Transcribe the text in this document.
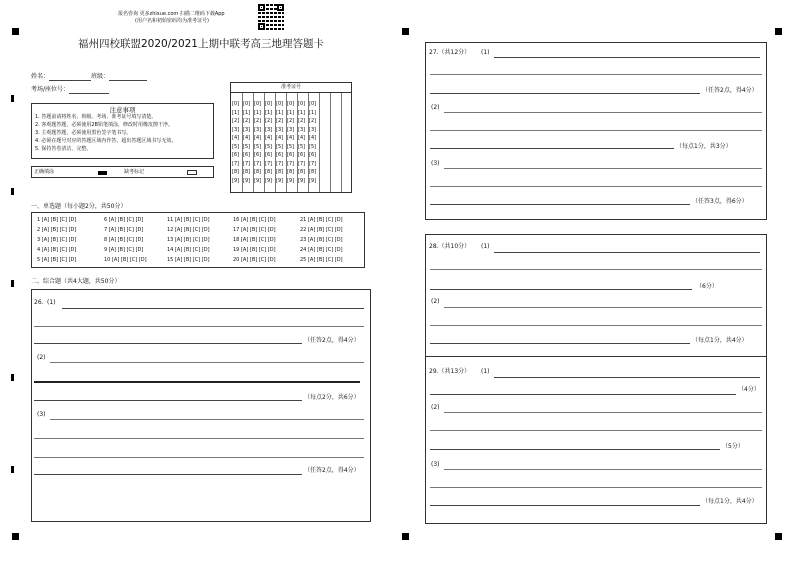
报名咨询 更多zhixue.com 扫描二维码下载App
(用户名和初始密码均为准考证号)
福州四校联盟2020/2021上期中联考高三地理答题卡
姓名：	班级：
考场/座位号：
注意事项
1. 答题前请将姓名、班级、考场、准考证号填写清楚。
2. 客观题答题，必须使用2B铅笔填涂，修改时用橡皮擦干净。
3. 主观题答题，必须使用黑色签字笔书写。
4. 必须在题号对应的答题区域内作答，超出答题区域书写无效。
5. 保持答卷清洁、完整。
正确填涂	缺考标记
准考证号
[0] [0] [0] [0] [0] [0] [0] [0]
[1] [1] [1] [1] [1] [1] [1] [1]
[2] [2] [2] [2] [2] [2] [2] [2]
[3] [3] [3] [3] [3] [3] [3] [3]
[4] [4] [4] [4] [4] [4] [4] [4]
[5] [5] [5] [5] [5] [5] [5] [5]
[6] [6] [6] [6] [6] [6] [6] [6]
[7] [7] [7] [7] [7] [7] [7] [7]
[8] [8] [8] [8] [8] [8] [8] [8]
[9] [9] [9] [9] [9] [9] [9] [9]
一、单选题（每小题2分，共50分）
1 [A] [B] [C] [D]	6 [A] [B] [C] [D]	11 [A] [B] [C] [D]	16 [A] [B] [C] [D]	21 [A] [B] [C] [D]
2 [A] [B] [C] [D]	7 [A] [B] [C] [D]	12 [A] [B] [C] [D]	17 [A] [B] [C] [D]	22 [A] [B] [C] [D]
3 [A] [B] [C] [D]	8 [A] [B] [C] [D]	13 [A] [B] [C] [D]	18 [A] [B] [C] [D]	23 [A] [B] [C] [D]
4 [A] [B] [C] [D]	9 [A] [B] [C] [D]	14 [A] [B] [C] [D]	19 [A] [B] [C] [D]	24 [A] [B] [C] [D]
5 [A] [B] [C] [D]	10 [A] [B] [C] [D]	15 [A] [B] [C] [D]	20 [A] [B] [C] [D]	25 [A] [B] [C] [D]
二、综合题（共4大题，共50分）
26. (1)
（任答2点，得4分）
(2)
（每点2分，共6分）
(3)
（任答2点，得4分）
27.（共12分） (1)
（任答2点，得4分）
(2)
（每点1分，共3分）
(3)
（任答3点，得6分）
28.（共10分） (1)
（6分）
(2)
（每点1分，共4分）
29.（共13分） (1)
（4分）
(2)
（5分）
(3)
（每点1分，共4分）
